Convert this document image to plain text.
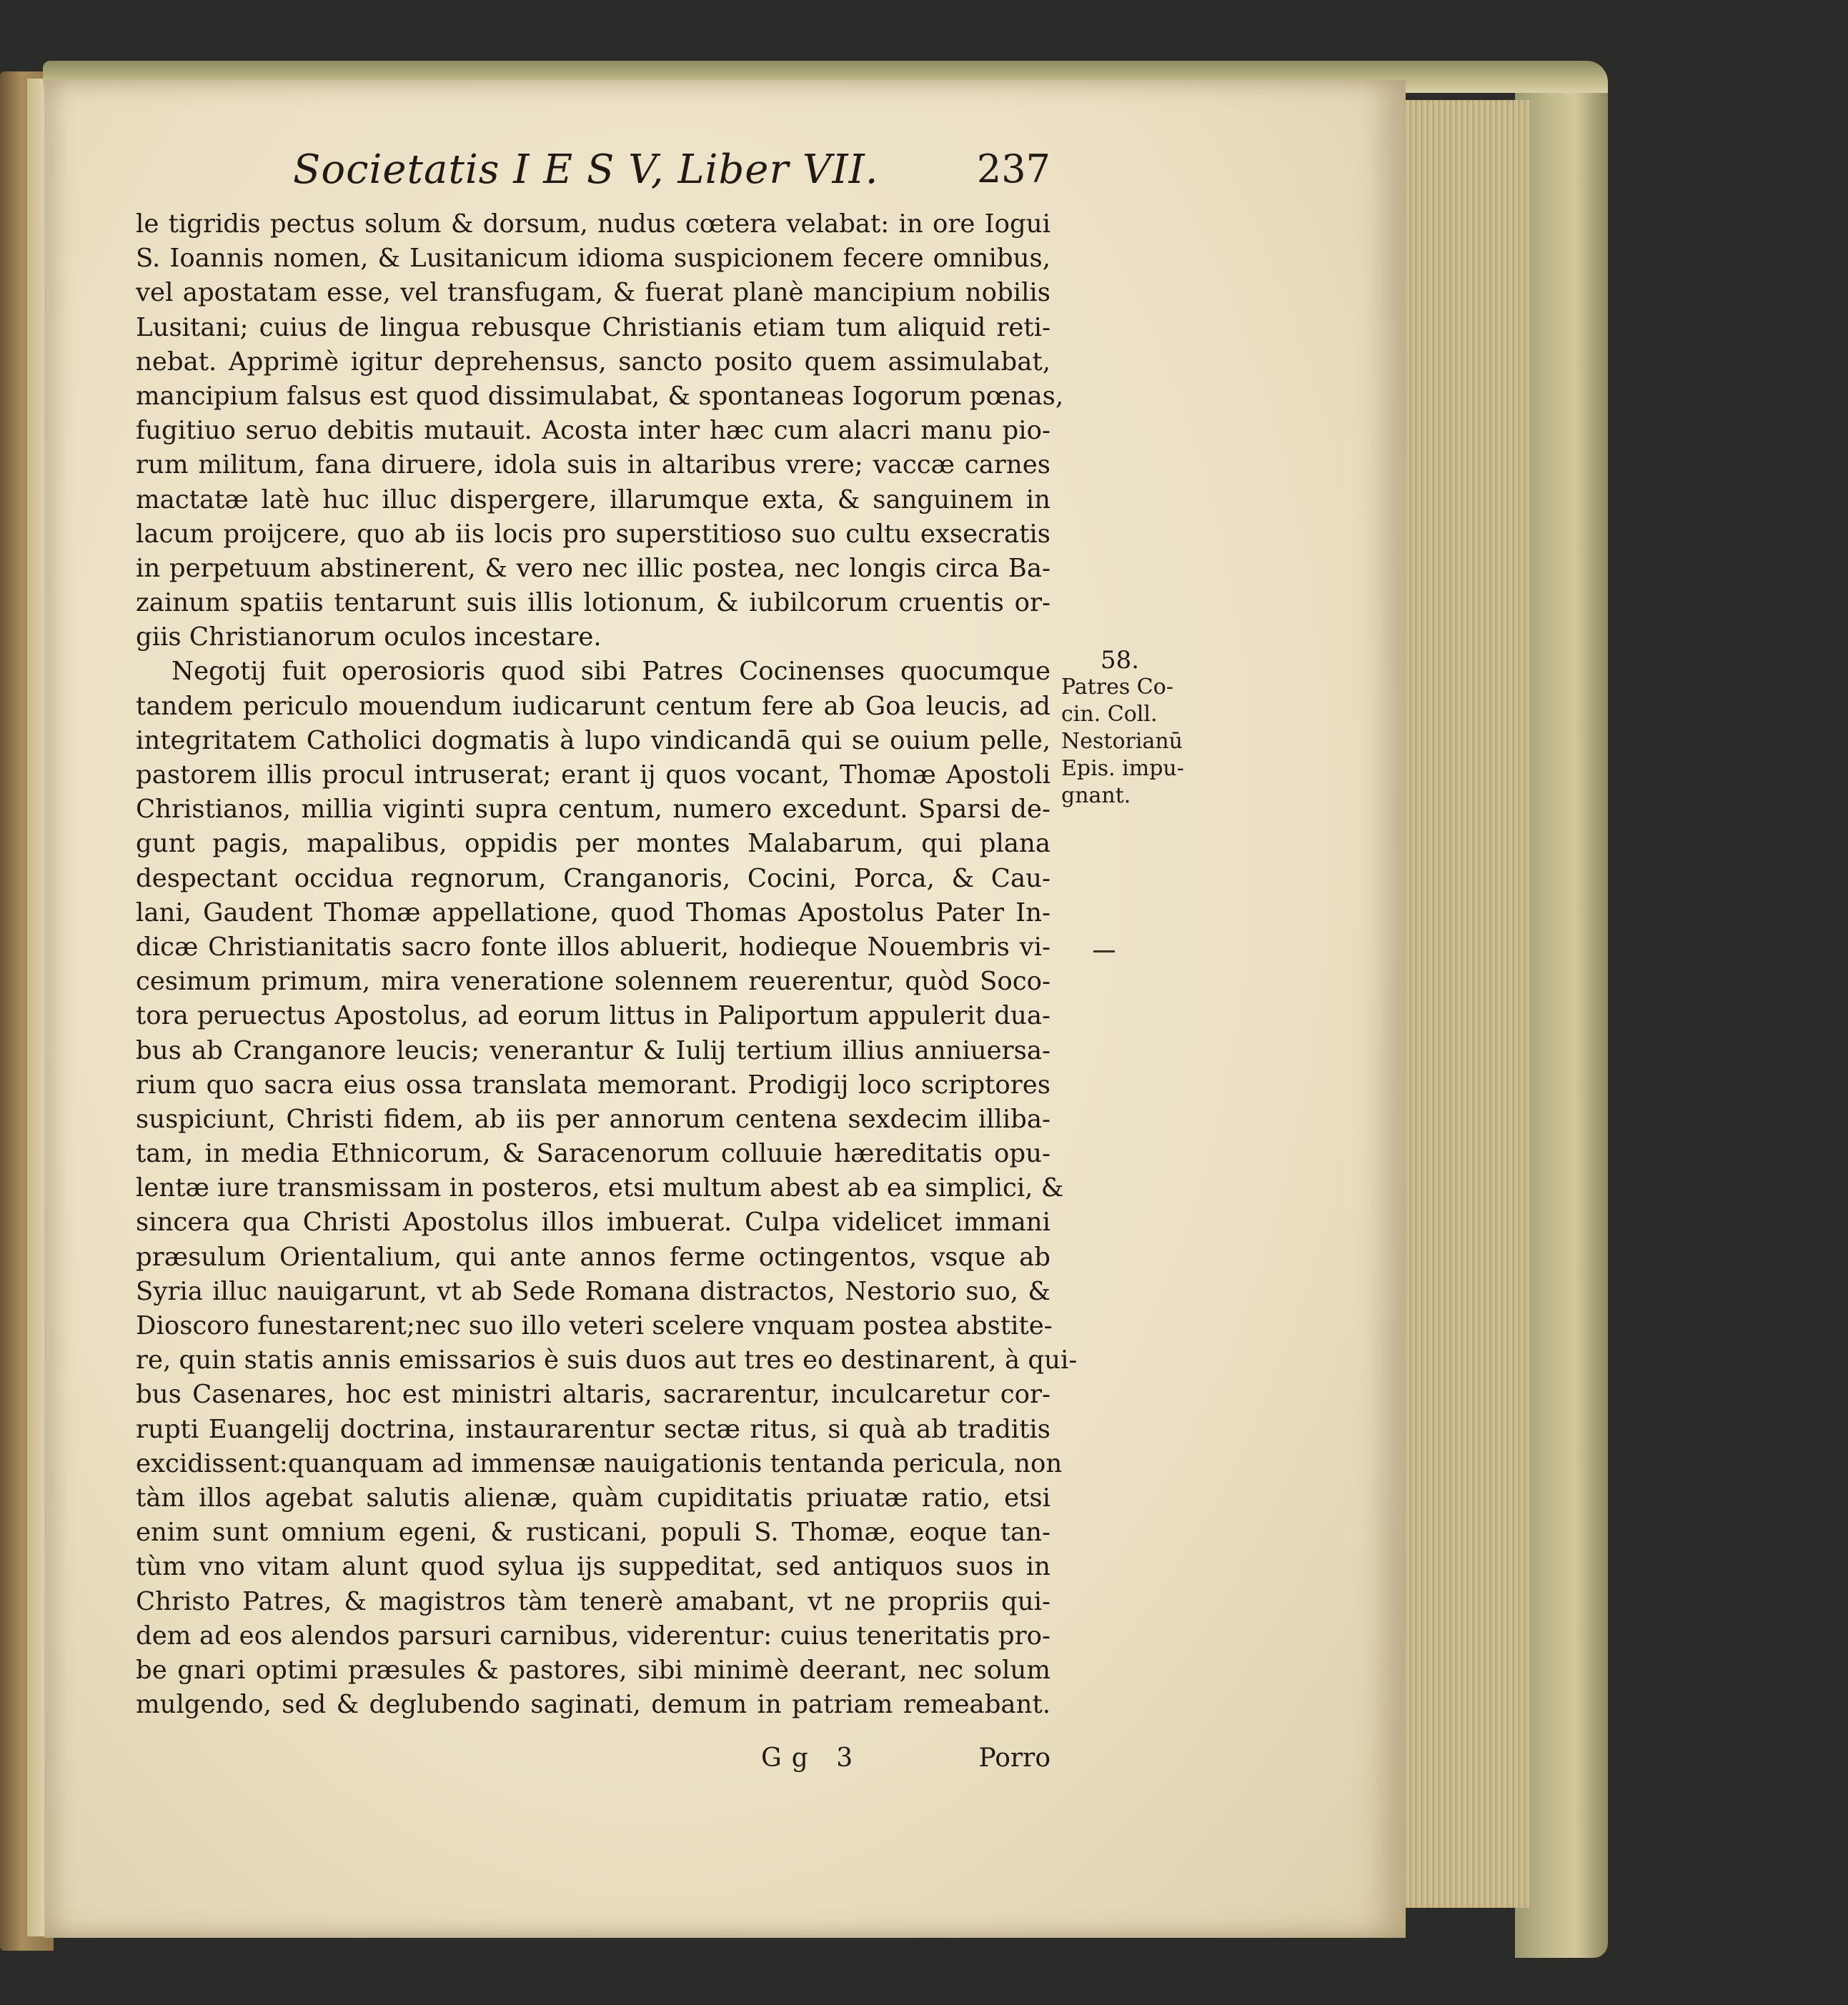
Societatis I E S V, Liber VII.	237
le tigridis pectus solum & dorsum, nudus cœtera velabat: in ore Iogui
S. Ioannis nomen, & Lusitanicum idioma suspicionem fecere omnibus,
vel apostatam esse, vel transfugam, & fuerat planè mancipium nobilis
Lusitani; cuius de lingua rebusque Christianis etiam tum aliquid reti-
nebat. Apprimè igitur deprehensus, sancto posito quem assimulabat,
mancipium falsus est quod dissimulabat, & spontaneas Iogorum pœnas,
fugitiuo seruo debitis mutauit. Acosta inter hæc cum alacri manu pio-
rum militum, fana diruere, idola suis in altaribus vrere; vaccæ carnes
mactatæ latè huc illuc dispergere, illarumque exta, & sanguinem in
lacum proijcere, quo ab iis locis pro superstitioso suo cultu exsecratis
in perpetuum abstinerent, & vero nec illic postea, nec longis circa Ba-
zainum spatiis tentarunt suis illis lotionum, & iubilcorum cruentis or-
giis Christianorum oculos incestare.
Negotij fuit operosioris quod sibi Patres Cocinenses quocumque
tandem periculo mouendum iudicarunt centum fere ab Goa leucis, ad
integritatem Catholici dogmatis à lupo vindicandā qui se ouium pelle,
pastorem illis procul intruserat; erant ij quos vocant, Thomæ Apostoli
Christianos, millia viginti supra centum, numero excedunt. Sparsi de-
gunt pagis, mapalibus, oppidis per montes Malabarum, qui plana
despectant occidua regnorum, Cranganoris, Cocini, Porca, & Cau-
lani, Gaudent Thomæ appellatione, quod Thomas Apostolus Pater In-
dicæ Christianitatis sacro fonte illos abluerit, hodieque Nouembris vi-
cesimum primum, mira veneratione solennem reuerentur, quòd Soco-
tora peruectus Apostolus, ad eorum littus in Paliportum appulerit dua-
bus ab Cranganore leucis; venerantur & Iulij tertium illius anniuersa-
rium quo sacra eius ossa translata memorant. Prodigij loco scriptores
suspiciunt, Christi fidem, ab iis per annorum centena sexdecim illiba-
tam, in media Ethnicorum, & Saracenorum colluuie hæreditatis opu-
lentæ iure transmissam in posteros, etsi multum abest ab ea simplici, &
sincera qua Christi Apostolus illos imbuerat. Culpa videlicet immani
præsulum Orientalium, qui ante annos ferme octingentos, vsque ab
Syria illuc nauigarunt, vt ab Sede Romana distractos, Nestorio suo, &
Dioscoro funestarent;nec suo illo veteri scelere vnquam postea abstite-
re, quin statis annis emissarios è suis duos aut tres eo destinarent, à qui-
bus Casenares, hoc est ministri altaris, sacrarentur, inculcaretur cor-
rupti Euangelij doctrina, instaurarentur sectæ ritus, si quà ab traditis
excidissent:quanquam ad immensæ nauigationis tentanda pericula, non
tàm illos agebat salutis alienæ, quàm cupiditatis priuatæ ratio, etsi
enim sunt omnium egeni, & rusticani, populi S. Thomæ, eoque tan-
tùm vno vitam alunt quod sylua ijs suppeditat, sed antiquos suos in
Christo Patres, & magistros tàm tenerè amabant, vt ne propriis qui-
dem ad eos alendos parsuri carnibus, viderentur: cuius teneritatis pro-
be gnari optimi præsules & pastores, sibi minimè deerant, nec solum
mulgendo, sed & deglubendo saginati, demum in patriam remeabant.
58.
Patres Co-
cin. Coll.
Nestorianū
Epis. impu-
gnant.
Gg 3	Porro
